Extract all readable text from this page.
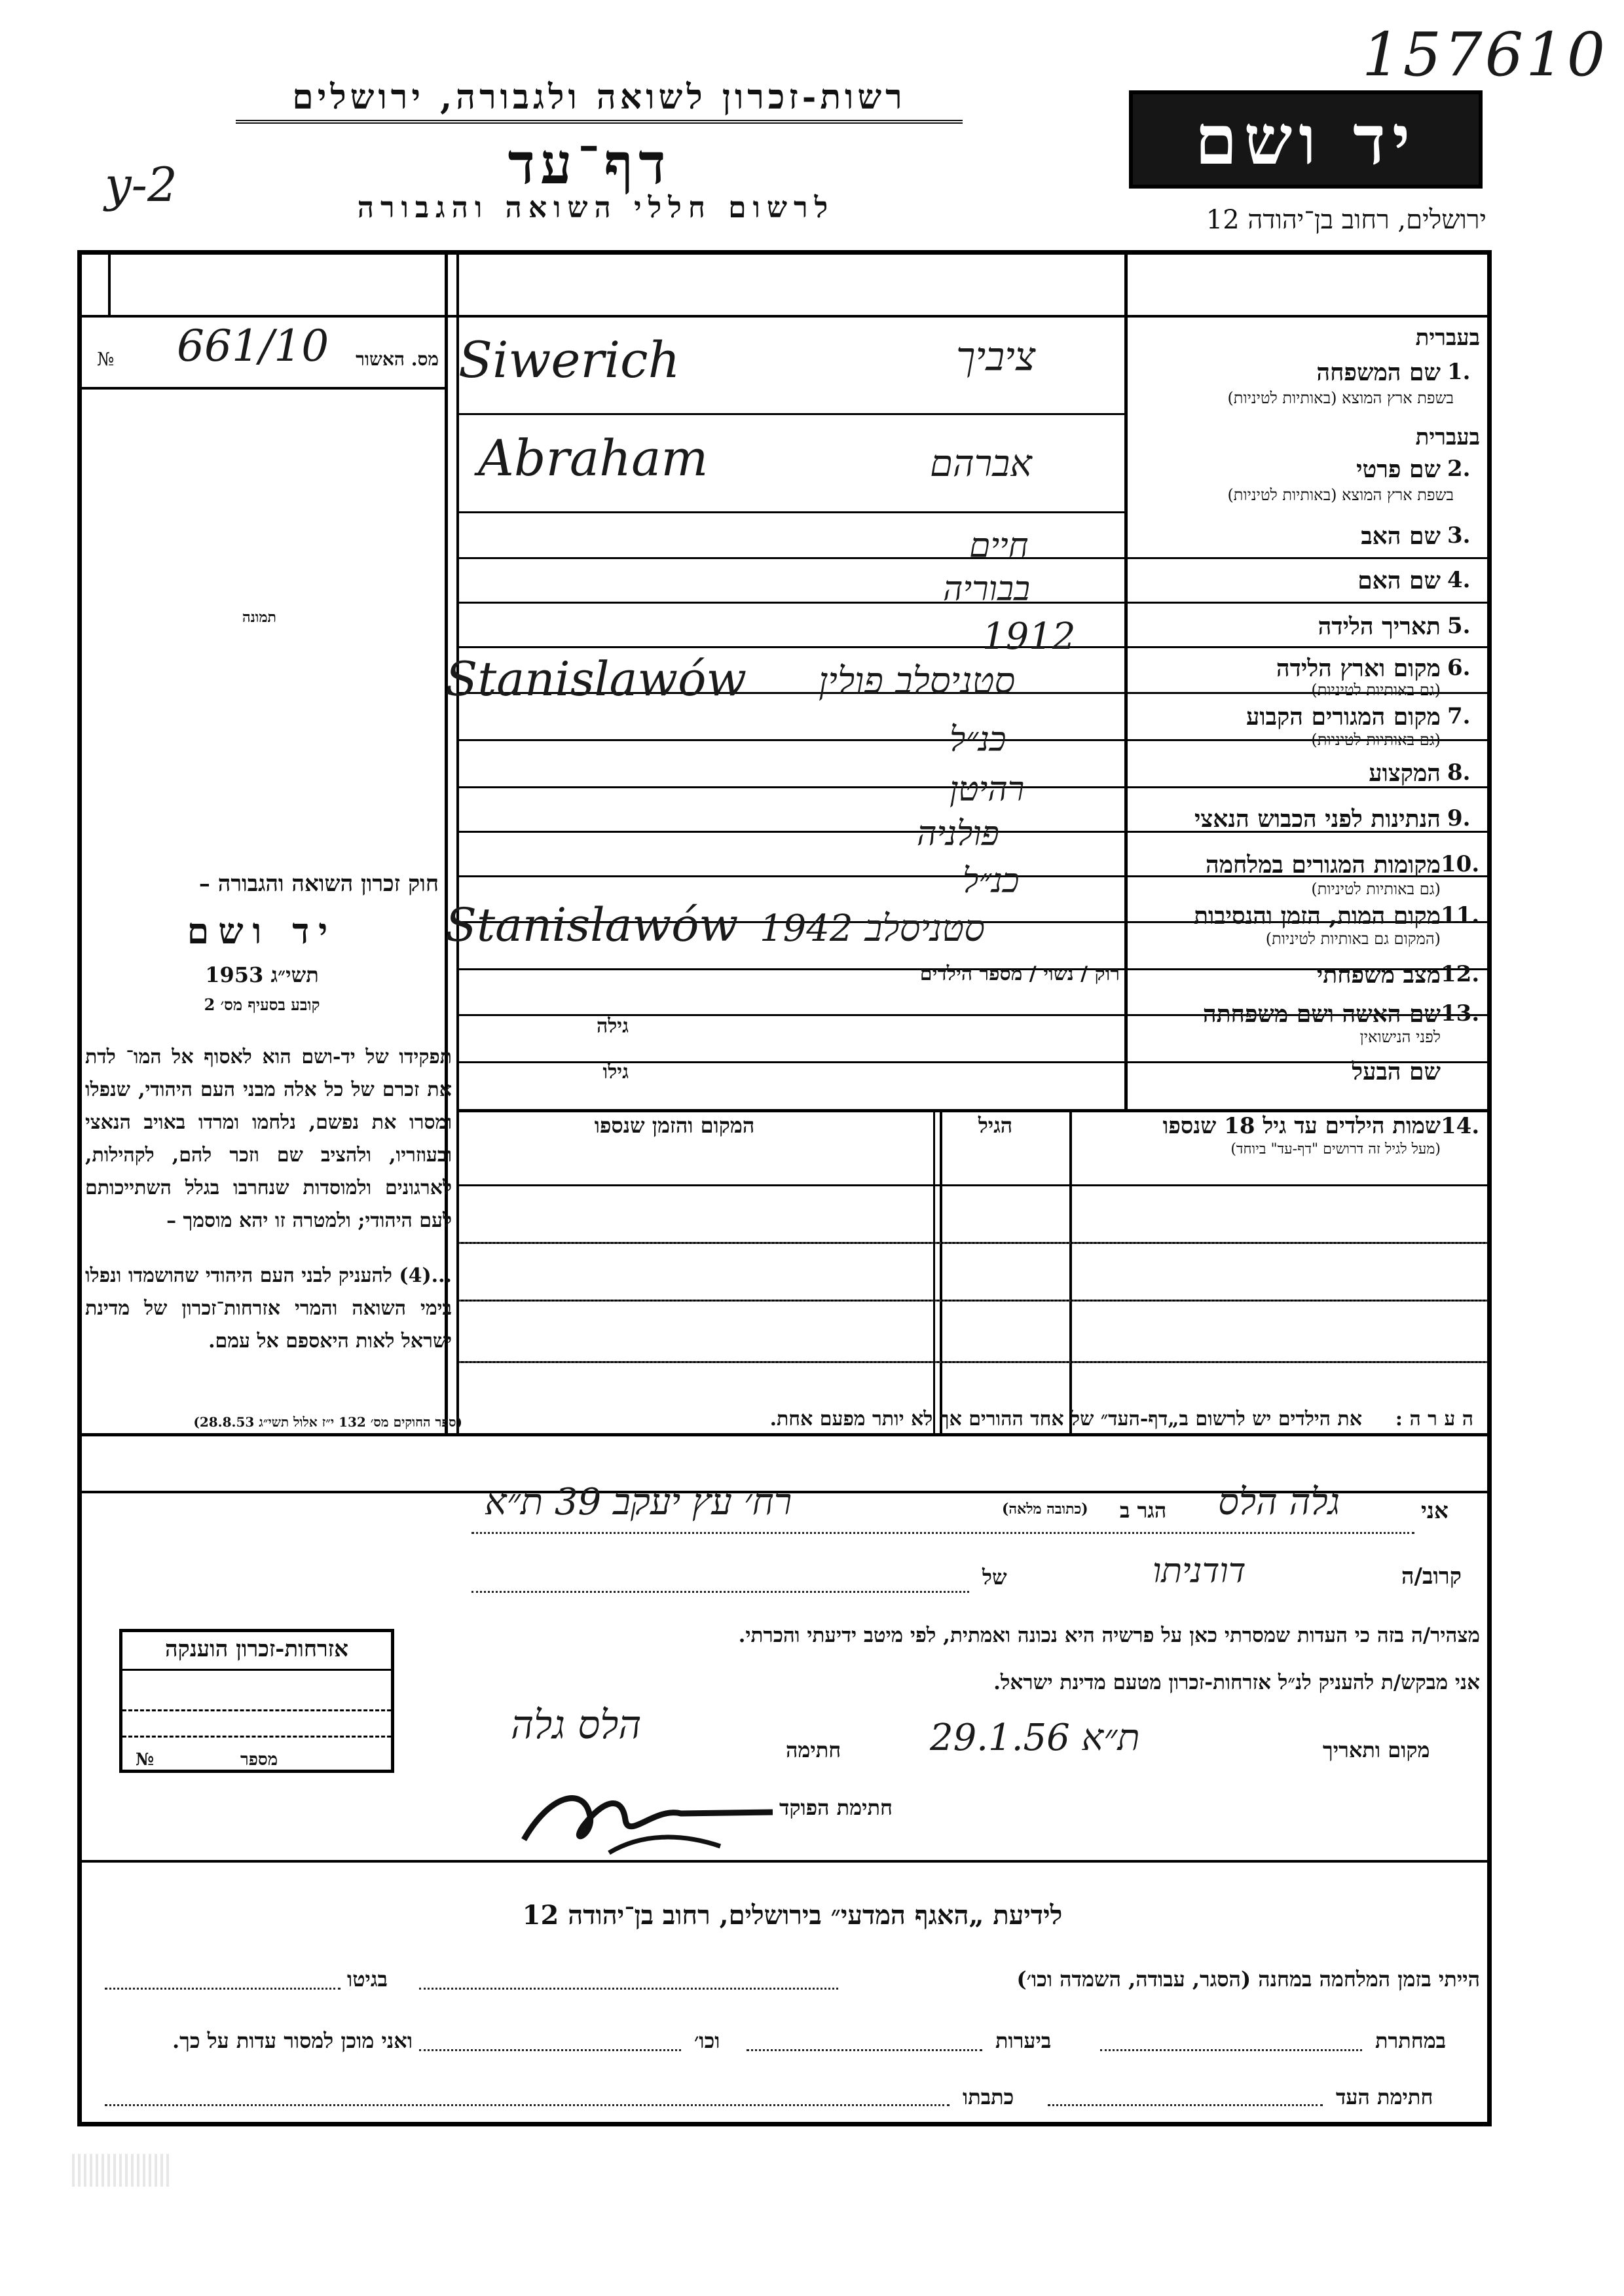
157610
רשות-זכרון לשואה ולגבורה, ירושלים
דף־עד
לרשום חללי השואה והגבורה
y-2
יד ושם
ירושלים, רחוב בן־יהודה 12
№ 661/10	מס. האשור
תמונה
בעברית
שם המשפחה 1.
בשפת ארץ המוצא (באותיות לטיניות)
Siwerich	ציביך
בעברית
שם פרטי 2.
בשפת ארץ המוצא (באותיות לטיניות)
Abraham	אברהם
שם האב 3.
חיים
שם האם 4.
בבוריה
תאריך הלידה 5.
1912
מקום וארץ הלידה 6.
(גם באותיות לטיניות)
Stanislawów סטניסלב פולין
מקום המגורים הקבוע 7.
(גם באותיות לטיניות)
כנ״ל
המקצוע 8.
רהיטן
הנתינות לפני הכבוש הנאצי 9.
פולניה
מקומות המגורים במלחמה 10.
(גם באותיות לטיניות)
כנ״ל
מקום המות, הזמן והנסיבות 11.
(המקום גם באותיות לטיניות)
Stanislawów סטניסלב 1942
מצב משפחתי 12.
רוק / נשוי / מספר הילדים
שם האשה ושם משפחתה 13.
לפני הנישואין
גילה
שם הבעל
גילו
שמות הילדים עד גיל 18 שנספו 14.
(מעל לגיל זה דרושים "דף-עד" ביוחד)
הגיל
המקום והזמן שנספו
חוק זכרון השואה והגבורה –
יד ושם
תשי״ג 1953
קובע בסעיף מס׳ 2
תפקידו של יד-ושם הוא לאסוף אל המו־ לדת את זכרם של כל אלה מבני העם היהודי, שנפלו ומסרו את נפשם, נלחמו ומרדו באויב הנאצי ובעוזריו, ולהציב שם וזכר להם, לקהילות, לארגונים ולמוסדות שנחרבו בגלל השתייכותם לעם היהודי; ולמטרה זו יהא מוסמך –
...(4) להעניק לבני העם היהודי שהושמדו ונפלו בימי השואה והמרי אזרחות־זכרון של מדינת ישראל לאות היאספם אל עמם.
(ספר החוקים מס׳ 132 י״ז אלול תשי״ג 28.8.53)	ה ע ר ה :
את הילדים יש לרשום ב„דף-העד״ של אחד ההורים אך לא יותר מפעם אחת.
אני
גלה הלס
הגר ב
(כתובה מלאה)
רח׳ עץ יעקב 39 ת״א
קרוב/ה
דודניתו
של
מצהיר/ה בזה כי העדות שמסרתי כאן על פרשיה היא נכונה ואמתית, לפי מיטב ידיעתי והכרתי.
אני מבקש/ת להעניק לנ״ל אזרחות-זכרון מטעם מדינת ישראל.
מקום ותאריך
ת״א 29.1.56
חתימה
הלס גלה
חתימת הפוקד
אזרחות-זכרון הוענקה
מספר
№
לידיעת „האגף המדעי״ בירושלים, רחוב בן־יהודה 12
הייתי בזמן המלחמה במחנה (הסגר, עבודה, השמדה וכו׳)
בגיטו
במחתרת
ביערות
וכו׳
ואני מוכן למסור עדות על כך.
חתימת העד
כתבתו
